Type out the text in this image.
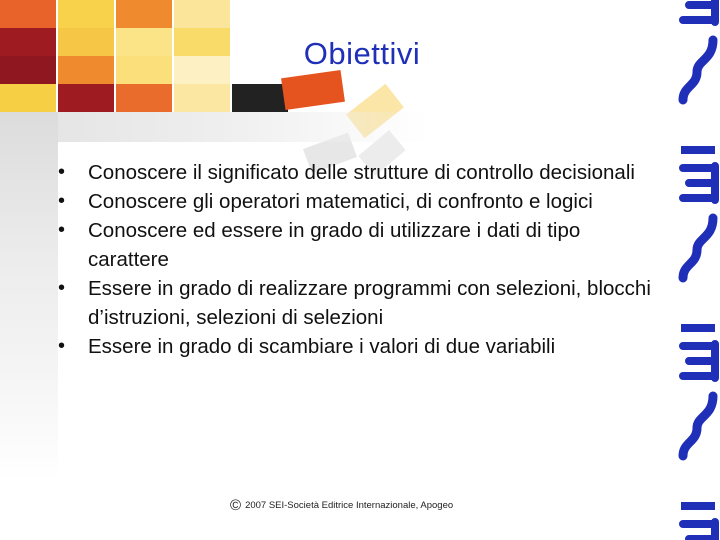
Obiettivi
• Conoscere il significato delle strutture di controllo decisionali
• Conoscere gli operatori matematici, di confronto e logici
• Conoscere ed essere in grado di utilizzare i dati di tipo carattere
• Essere in grado di realizzare programmi con selezioni, blocchi d’istruzioni, selezioni di selezioni
• Essere in grado di scambiare i valori di due variabili
© 2007 SEI-Società Editrice Internazionale, Apogeo
